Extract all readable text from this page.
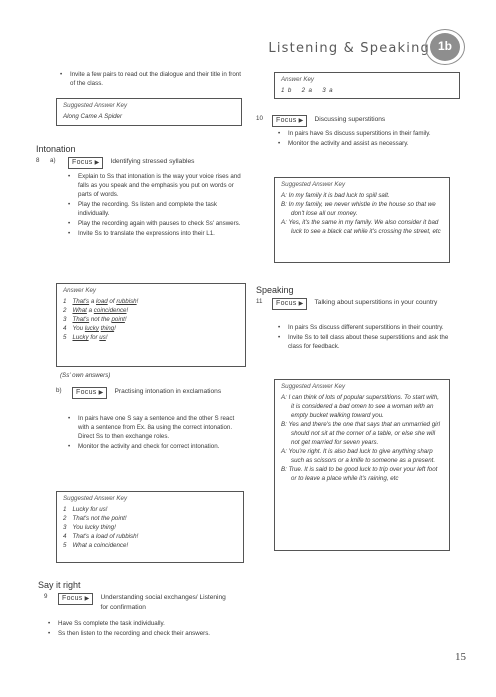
Listening & Speaking 1b
• Invite a few pairs to read out the dialogue and their title in front of the class.
Suggested Answer Key
Along Came A Spider
Intonation
8	a)	Focus ▶ Identifying stressed syllables
• Explain to Ss that intonation is the way your voice rises and falls as you speak and the emphasis you put on words or parts of words.
• Play the recording. Ss listen and complete the task individually.
• Play the recording again with pauses to check Ss' answers.
• Invite Ss to translate the expressions into their L1.
Answer Key
1 That's a load of rubbish!
2 What a coincidence!
3 That's not the point!
4 You lucky thing!
5 Lucky for us!
(Ss' own answers)
b)	Focus ▶ Practising intonation in exclamations
• In pairs have one S say a sentence and the other S react with a sentence from Ex. 8a using the correct intonation. Direct Ss to then exchange roles.
• Monitor the activity and check for correct intonation.
Suggested Answer Key
1 Lucky for us!
2 That's not the point!
3 You lucky thing!
4 That's a load of rubbish!
5 What a coincidence!
Say it right
9	Focus ▶ Understanding social exchanges/ Listening for confirmation
• Have Ss complete the task individually.
• Ss then listen to the recording and check their answers.
Answer Key
1  b      2  a      3  a
10	Focus ▶ Discussing superstitions
• In pairs have Ss discuss superstitions in their family.
• Monitor the activity and assist as necessary.
Suggested Answer Key
A: In my family it is bad luck to spill salt.
B: In my family, we never whistle in the house so that we don't lose all our money.
A: Yes, it's the same in my family. We also consider it bad luck to see a black cat while it's crossing the street, etc
Speaking
11	Focus ▶ Talking about superstitions in your country
• In pairs Ss discuss different superstitions in their country.
• Invite Ss to tell class about these superstitions and ask the class for feedback.
Suggested Answer Key
A: I can think of lots of popular superstitions. To start with, it is considered a bad omen to see a woman with an empty bucket walking toward you.
B: Yes and there's the one that says that an unmarried girl should not sit at the corner of a table, or else she will not get married for seven years.
A: You're right. It is also bad luck to give anything sharp such as scissors or a knife to someone as a present.
B: True. It is said to be good luck to trip over your left foot or to leave a place while it's raining, etc
15
